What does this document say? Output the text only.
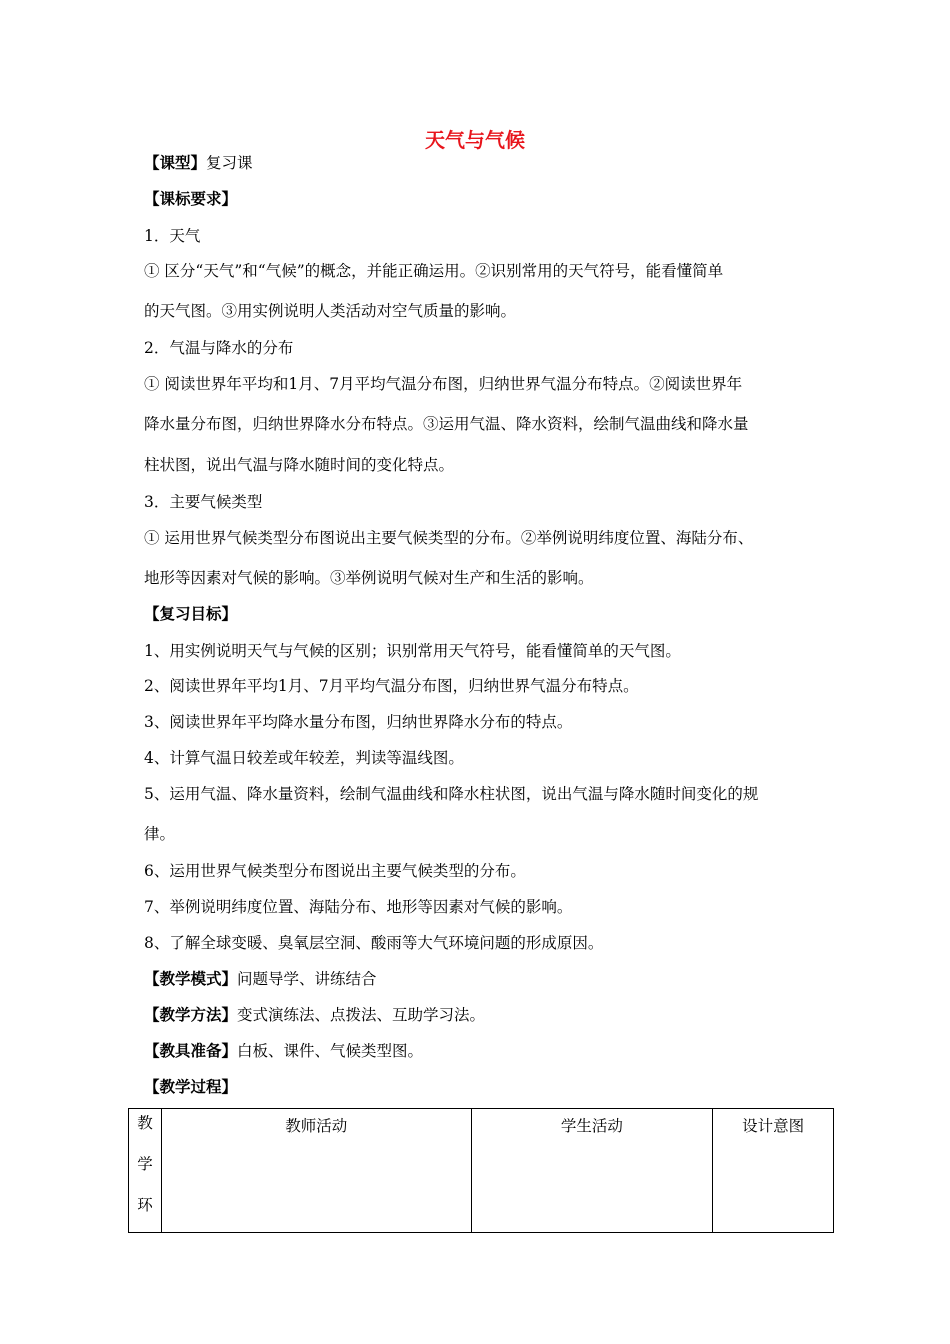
天气与气候
【课型】复习课
【课标要求】
1．天气
① 区分“天气”和“气候”的概念，并能正确运用。②识别常用的天气符号，能看懂简单
的天气图。③用实例说明人类活动对空气质量的影响。
2．气温与降水的分布
① 阅读世界年平均和1月、7月平均气温分布图，归纳世界气温分布特点。②阅读世界年
降水量分布图，归纳世界降水分布特点。③运用气温、降水资料，绘制气温曲线和降水量
柱状图，说出气温与降水随时间的变化特点。
3．主要气候类型
① 运用世界气候类型分布图说出主要气候类型的分布。②举例说明纬度位置、海陆分布、
地形等因素对气候的影响。③举例说明气候对生产和生活的影响。
【复习目标】
1、用实例说明天气与气候的区别；识别常用天气符号，能看懂简单的天气图。
2、阅读世界年平均1月、7月平均气温分布图，归纳世界气温分布特点。
3、阅读世界年平均降水量分布图，归纳世界降水分布的特点。
4、计算气温日较差或年较差，判读等温线图。
5、运用气温、降水量资料，绘制气温曲线和降水柱状图，说出气温与降水随时间变化的规
律。
6、运用世界气候类型分布图说出主要气候类型的分布。
7、举例说明纬度位置、海陆分布、地形等因素对气候的影响。
8、了解全球变暖、臭氧层空洞、酸雨等大气环境问题的形成原因。
【教学模式】问题导学、讲练结合
【教学方法】变式演练法、点拨法、互助学习法。
【教具准备】白板、课件、气候类型图。
【教学过程】
教
学
环
	教师活动	学生活动	设计意图
